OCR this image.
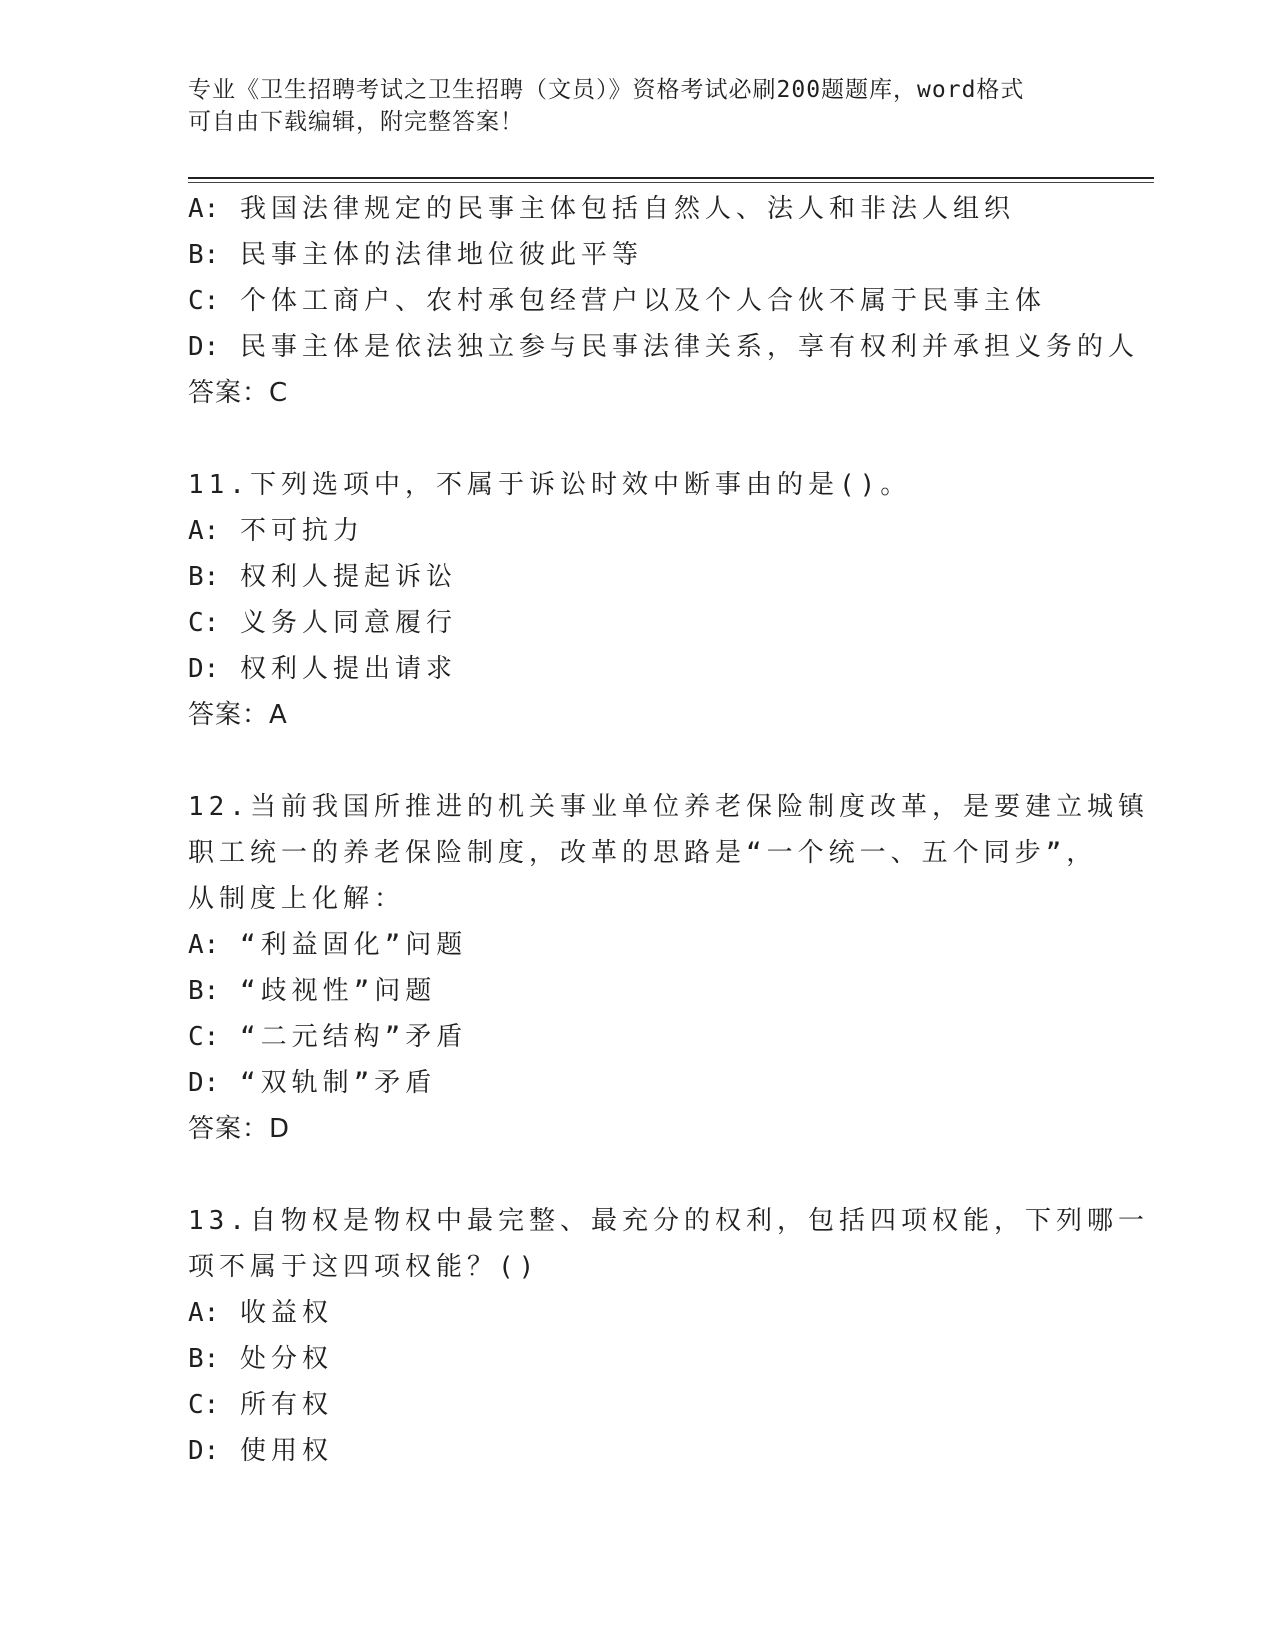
专业《卫生招聘考试之卫生招聘（文员）》资格考试必刷200题题库，word格式
可自由下载编辑，附完整答案！
A: 我国法律规定的民事主体包括自然人、法人和非法人组织
B: 民事主体的法律地位彼此平等
C: 个体工商户、农村承包经营户以及个人合伙不属于民事主体
D: 民事主体是依法独立参与民事法律关系，享有权利并承担义务的人
答案：C
11.下列选项中，不属于诉讼时效中断事由的是()。
A: 不可抗力
B: 权利人提起诉讼
C: 义务人同意履行
D: 权利人提出请求
答案：A
12.当前我国所推进的机关事业单位养老保险制度改革，是要建立城镇
职工统一的养老保险制度，改革的思路是“一个统一、五个同步”，
从制度上化解：
A: “利益固化”问题
B: “歧视性”问题
C: “二元结构”矛盾
D: “双轨制”矛盾
答案：D
13.自物权是物权中最完整、最充分的权利，包括四项权能，下列哪一
项不属于这四项权能？()
A: 收益权
B: 处分权
C: 所有权
D: 使用权
